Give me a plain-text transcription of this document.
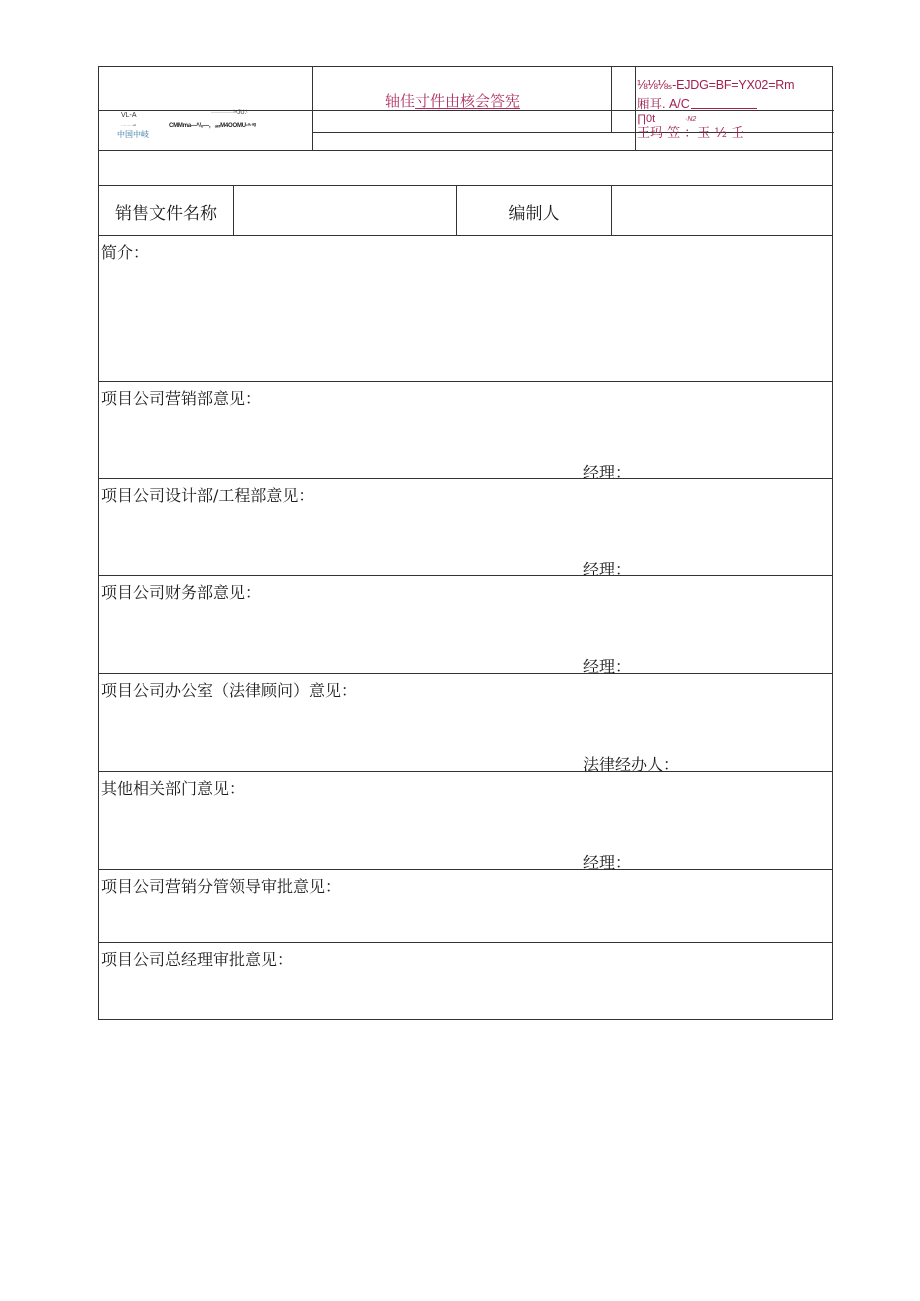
VL-A	···········¹ᵃJU.ᵗ
·········ᵃᵈ	CMMma—ᴷ/ₒ—，ₐₑᵣM4OOMU-ᵃ·ᵃᵍ
中国中岐
轴佳寸件由核会答宪
⅛⅛⅛ₛ-EJDG=BF=YX02=Rm
厢耳. A/C
∏0t	·N2
王玛 笠 ：玉 ¹⁄₂ 壬
销售文件名称	编制人
简介：
项目公司营销部意见：
经理：
项目公司设计部/工程部意见：
经理：
项目公司财务部意见：
经理：
项目公司办公室（法律顾问）意见：
法律经办人：
其他相关部门意见：
经理：
项目公司营销分管领导审批意见：
项目公司总经理审批意见：
